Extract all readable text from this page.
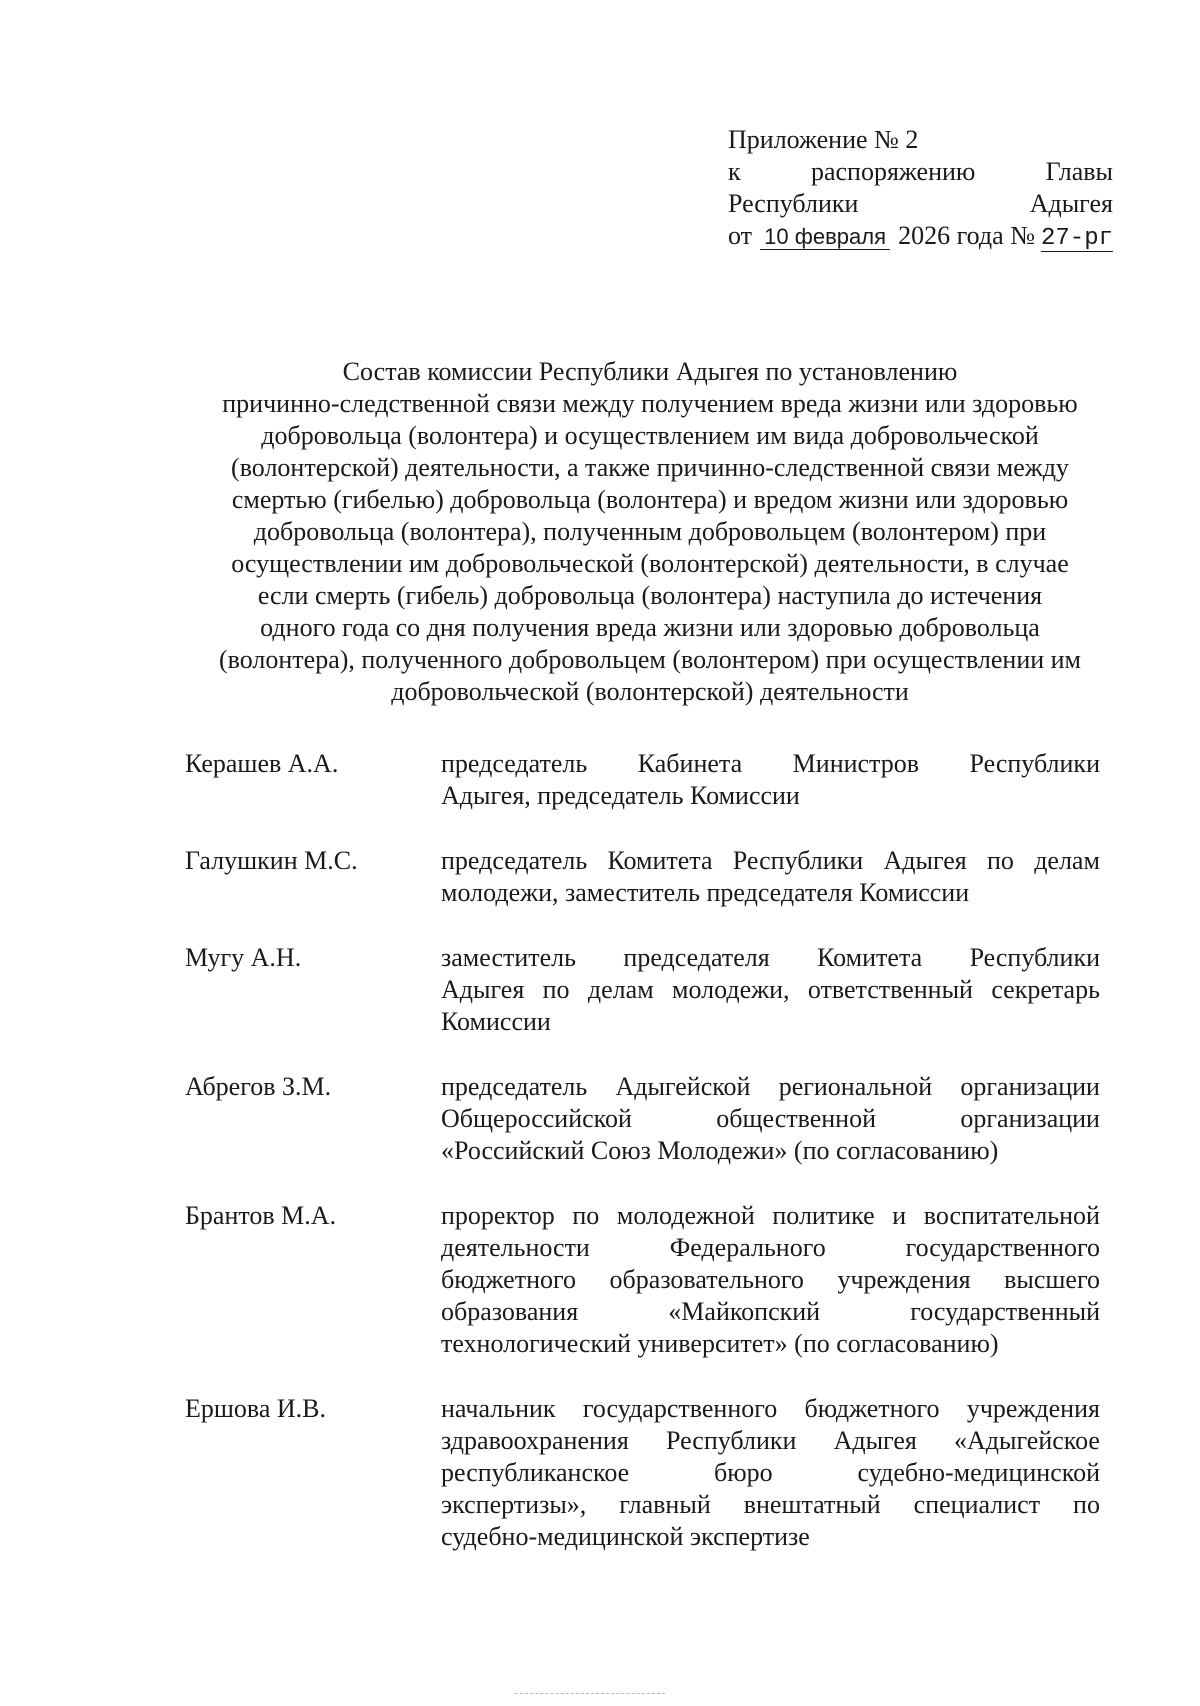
Приложение № 2
к	распоряжению	Главы
Республики	Адыгея
от 10 февраля 2026 года № 27-рг
Состав комиссии Республики Адыгея по установлению
причинно-следственной связи между получением вреда жизни или здоровью
добровольца (волонтера) и осуществлением им вида добровольческой
(волонтерской) деятельности, а также причинно-следственной связи между
смертью (гибелью) добровольца (волонтера) и вредом жизни или здоровью
добровольца (волонтера), полученным добровольцем (волонтером) при
осуществлении им добровольческой (волонтерской) деятельности, в случае
если смерть (гибель) добровольца (волонтера) наступила до истечения
одного года со дня получения вреда жизни или здоровью добровольца
(волонтера), полученного добровольцем (волонтером) при осуществлении им
добровольческой (волонтерской) деятельности
Керашев А.А.	председатель Кабинета Министров Республики
Адыгея, председатель Комиссии
Галушкин М.С.	председатель Комитета Республики Адыгея по делам
молодежи, заместитель председателя Комиссии
Мугу А.Н.	заместитель председателя Комитета Республики
Адыгея по делам молодежи, ответственный секретарь
Комиссии
Абрегов З.М.	председатель Адыгейской региональной организации
Общероссийской	общественной	организации
«Российский Союз Молодежи» (по согласованию)
Брантов М.А.	проректор по молодежной политике и воспитательной
деятельности	Федерального	государственного
бюджетного образовательного учреждения высшего
образования	«Майкопский	государственный
технологический университет» (по согласованию)
Ершова И.В.	начальник государственного бюджетного учреждения
здравоохранения Республики Адыгея «Адыгейское
республиканское	бюро	судебно-медицинской
экспертизы», главный внештатный специалист по
судебно-медицинской экспертизе
